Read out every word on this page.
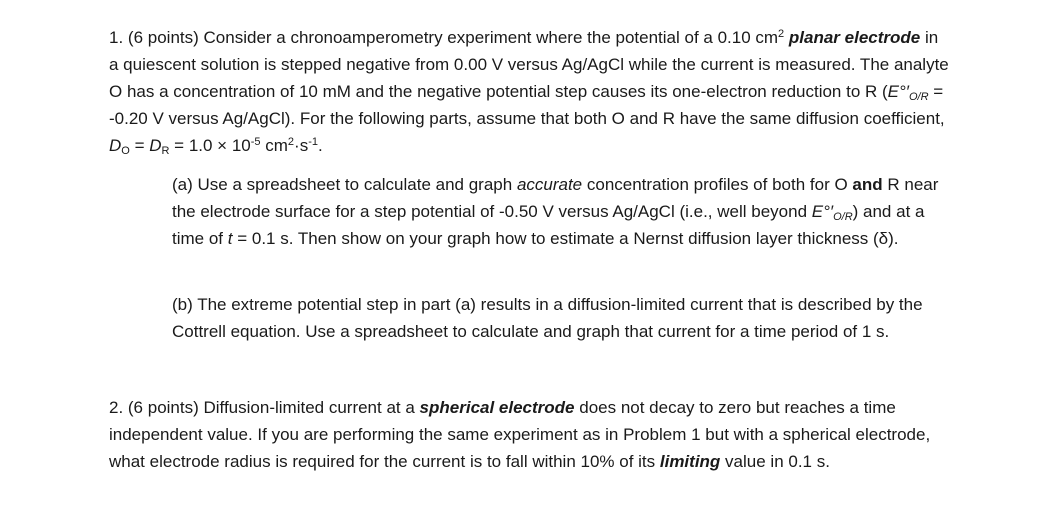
1. (6 points) Consider a chronoamperometry experiment where the potential of a 0.10 $cm^2$ planar electrode in a quiescent solution is stepped negative from 0.00 V versus Ag/AgCl while the current is measured. The analyte O has a concentration of 10 mM and the negative potential step causes its one-electron reduction to R ($E^\circ'_{O/R} = -0.20$ V versus Ag/AgCl). For the following parts, assume that both O and R have the same diffusion coefficient, $D_O = D_R = 1.0 \times 10^{-5}$ $cm^2\cdot s^{-1}$.

(a) Use a spreadsheet to calculate and graph accurate concentration profiles of both for O and R near the electrode surface for a step potential of -0.50 V versus Ag/AgCl (i.e., well beyond $E^\circ'_{O/R}$) and at a time of t = 0.1 s. Then show on your graph how to estimate a Nernst diffusion layer thickness (δ).

(b) The extreme potential step in part (a) results in a diffusion-limited current that is described by the Cottrell equation. Use a spreadsheet to calculate and graph that current for a time period of 1 s.

2. (6 points) Diffusion-limited current at a spherical electrode does not decay to zero but reaches a time independent value. If you are performing the same experiment as in Problem 1 but with a spherical electrode, what electrode radius is required for the current is to fall within 10% of its limiting value in 0.1 s.
